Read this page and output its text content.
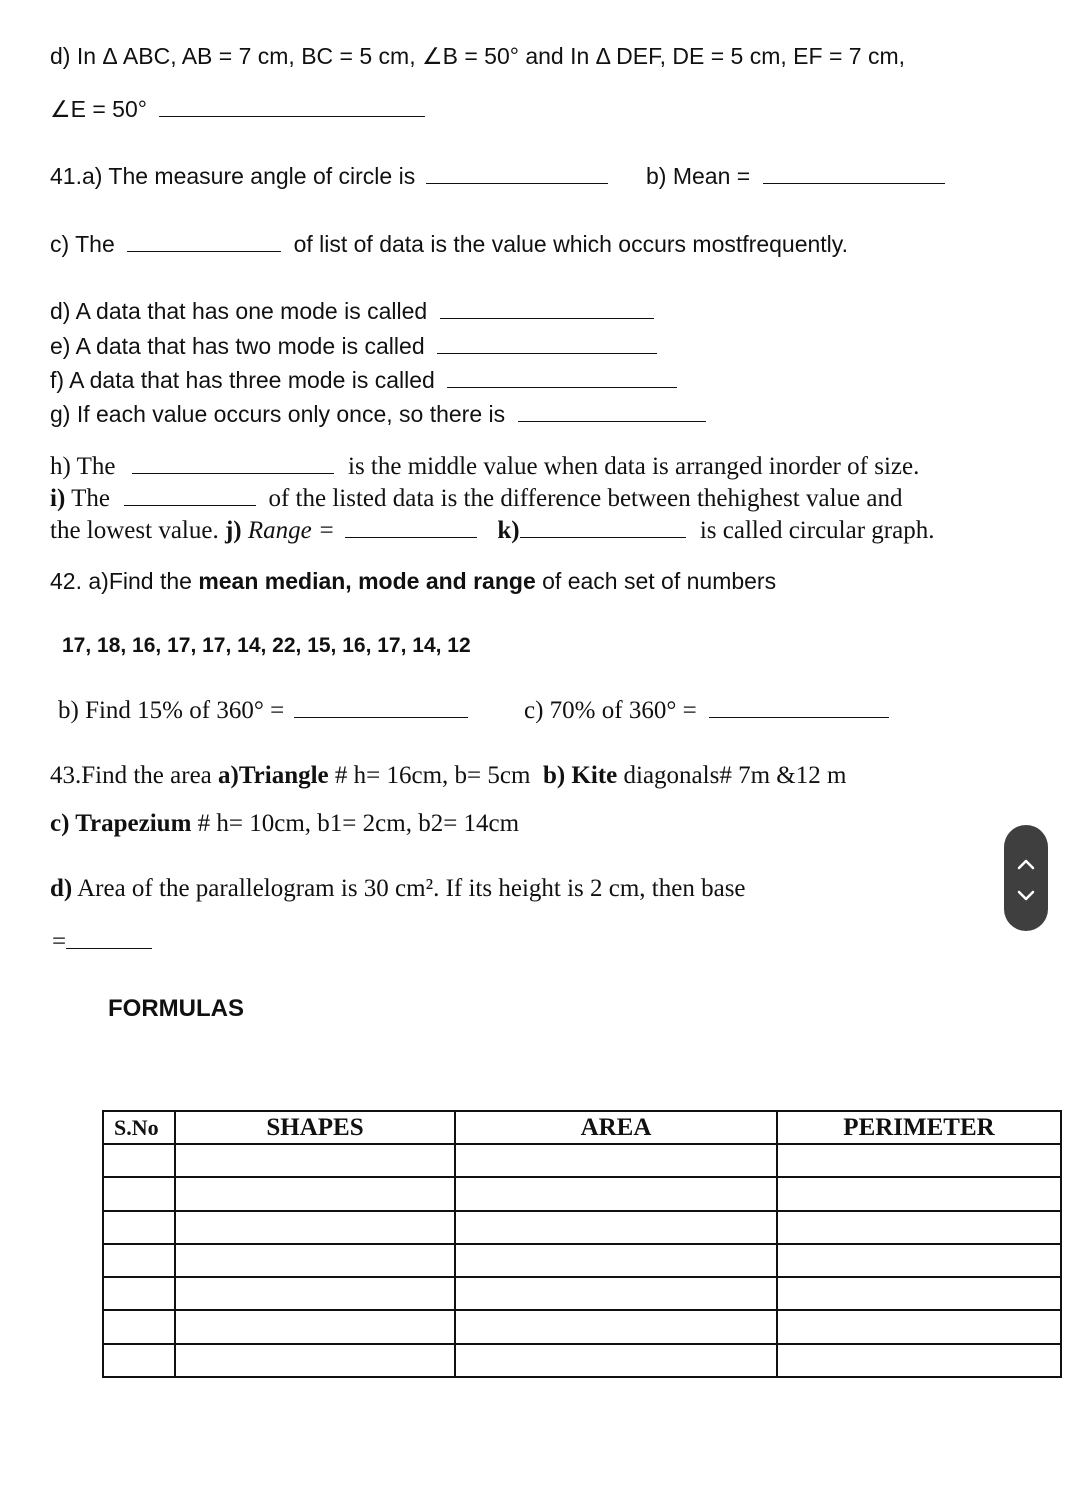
d) In Δ ABC, AB = 7 cm, BC = 5 cm, ∠B = 50° and In Δ DEF, DE = 5 cm, EF = 7 cm,
∠E = 50°
41.a) The measure angle of circle is	b) Mean =
c) The	of list of data is the value which occurs mostfrequently.
d) A data that has one mode is called
e) A data that has two mode is called
f) A data that has three mode is called
g) If each value occurs only once, so there is
h) The	is the middle value when data is arranged inorder of size.
i) The	of the listed data is the difference between thehighest value and
the lowest value. j) Range =	k)	is called circular graph.
42. a)Find the mean median, mode and range of each set of numbers
17, 18, 16, 17, 17, 14, 22, 15, 16, 17, 14, 12
b) Find 15% of 360° =	c) 70% of 360° =
43.Find the area a)Triangle # h= 16cm, b= 5cm b) Kite diagonals# 7m &12 m
c) Trapezium # h= 10cm, b1= 2cm, b2= 14cm
d) Area of the parallelogram is 30 cm². If its height is 2 cm, then base
=
FORMULAS
S.No	SHAPES	AREA	PERIMETER
